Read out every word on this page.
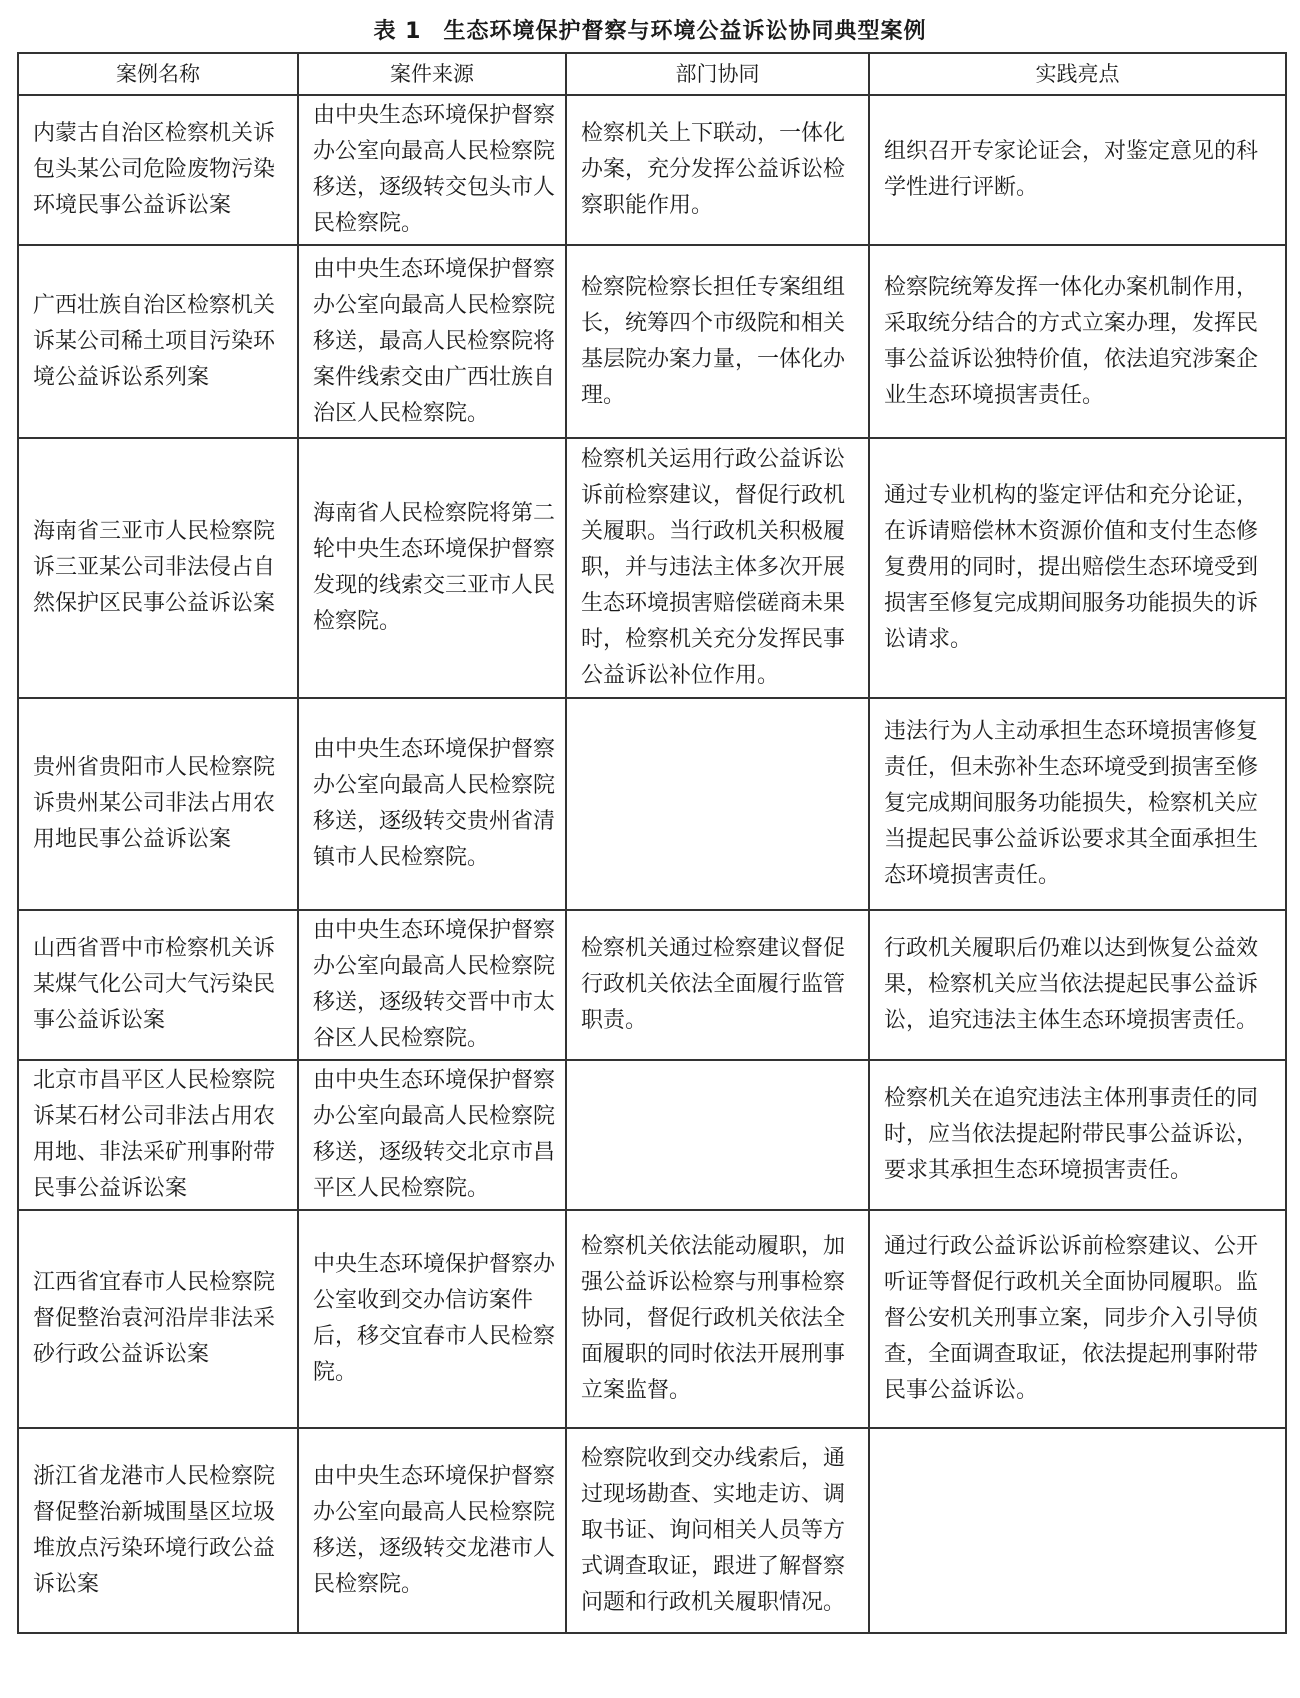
表 1 生态环境保护督察与环境公益诉讼协同典型案例
案例名称	案件来源	部门协同	实践亮点
内蒙古自治区检察机关诉包头某公司危险废物污染环境民事公益诉讼案	由中央生态环境保护督察办公室向最高人民检察院移送，逐级转交包头市人民检察院。	检察机关上下联动，一体化办案，充分发挥公益诉讼检察职能作用。	组织召开专家论证会，对鉴定意见的科学性进行评断。
广西壮族自治区检察机关诉某公司稀土项目污染环境公益诉讼系列案	由中央生态环境保护督察办公室向最高人民检察院移送，最高人民检察院将案件线索交由广西壮族自治区人民检察院。	检察院检察长担任专案组组长，统筹四个市级院和相关基层院办案力量，一体化办理。	检察院统筹发挥一体化办案机制作用，采取统分结合的方式立案办理，发挥民事公益诉讼独特价值，依法追究涉案企业生态环境损害责任。
海南省三亚市人民检察院诉三亚某公司非法侵占自然保护区民事公益诉讼案	海南省人民检察院将第二轮中央生态环境保护督察发现的线索交三亚市人民检察院。	检察机关运用行政公益诉讼诉前检察建议，督促行政机关履职。当行政机关积极履职，并与违法主体多次开展生态环境损害赔偿磋商未果时，检察机关充分发挥民事公益诉讼补位作用。	通过专业机构的鉴定评估和充分论证，在诉请赔偿林木资源价值和支付生态修复费用的同时，提出赔偿生态环境受到损害至修复完成期间服务功能损失的诉讼请求。
贵州省贵阳市人民检察院诉贵州某公司非法占用农用地民事公益诉讼案	由中央生态环境保护督察办公室向最高人民检察院移送，逐级转交贵州省清镇市人民检察院。		违法行为人主动承担生态环境损害修复责任，但未弥补生态环境受到损害至修复完成期间服务功能损失，检察机关应当提起民事公益诉讼要求其全面承担生态环境损害责任。
山西省晋中市检察机关诉某煤气化公司大气污染民事公益诉讼案	由中央生态环境保护督察办公室向最高人民检察院移送，逐级转交晋中市太谷区人民检察院。	检察机关通过检察建议督促行政机关依法全面履行监管职责。	行政机关履职后仍难以达到恢复公益效果，检察机关应当依法提起民事公益诉讼，追究违法主体生态环境损害责任。
北京市昌平区人民检察院诉某石材公司非法占用农用地、非法采矿刑事附带民事公益诉讼案	由中央生态环境保护督察办公室向最高人民检察院移送，逐级转交北京市昌平区人民检察院。		检察机关在追究违法主体刑事责任的同时，应当依法提起附带民事公益诉讼，要求其承担生态环境损害责任。
江西省宜春市人民检察院督促整治袁河沿岸非法采砂行政公益诉讼案	中央生态环境保护督察办公室收到交办信访案件后，移交宜春市人民检察院。	检察机关依法能动履职，加强公益诉讼检察与刑事检察协同，督促行政机关依法全面履职的同时依法开展刑事立案监督。	通过行政公益诉讼诉前检察建议、公开听证等督促行政机关全面协同履职。监督公安机关刑事立案，同步介入引导侦查，全面调查取证，依法提起刑事附带民事公益诉讼。
浙江省龙港市人民检察院督促整治新城围垦区垃圾堆放点污染环境行政公益诉讼案	由中央生态环境保护督察办公室向最高人民检察院移送，逐级转交龙港市人民检察院。	检察院收到交办线索后，通过现场勘查、实地走访、调取书证、询问相关人员等方式调查取证，跟进了解督察问题和行政机关履职情况。	
